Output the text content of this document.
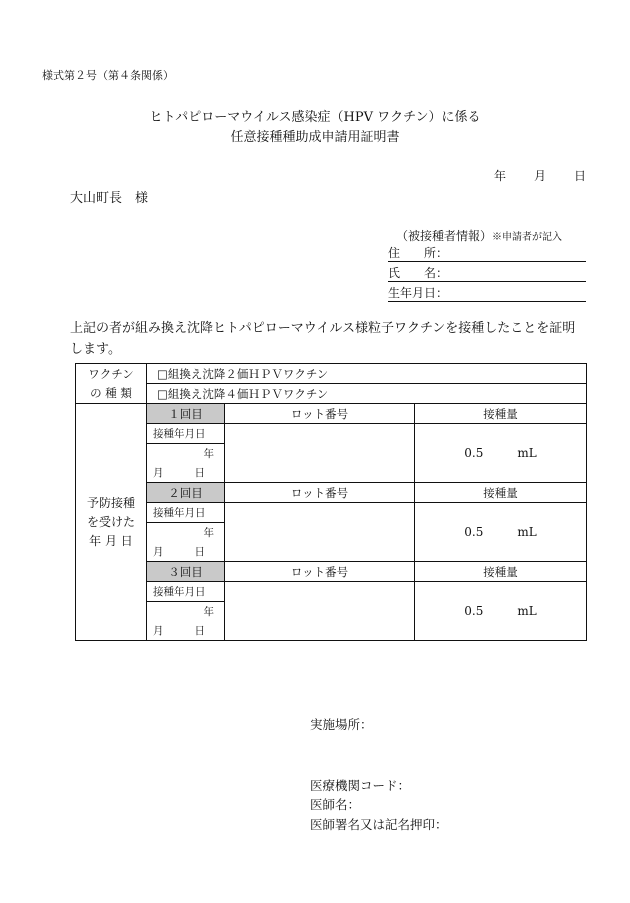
様式第２号（第４条関係）
ヒトパピローマウイルス感染症（HPV ワクチン）に係る
任意接種種助成申請用証明書
年 月 日
大山町長　様
（被接種者情報）※申請者が記入
住　　所：
氏　　名：
生年月日：
上記の者が組み換え沈降ヒトパピローマウイルス様粒子ワクチンを接種したことを証明します。
ワクチン
の 種 類	□組換え沈降２価ＨＰＶワクチン		
	□組換え沈降４価ＨＰＶワクチン		

予防接種
を受けた
年 月 日	１回目	ロット番号	接種量
	接種年月日		0.5 mL
	年		
	月 日		
	２回目	ロット番号	接種量
	接種年月日		0.5 mL
	年		
	月 日		
	３回目	ロット番号	接種量
	接種年月日		0.5 mL
	年		
	月 日		
実施場所：
医療機関コード：
医師名：
医師署名又は記名押印：
